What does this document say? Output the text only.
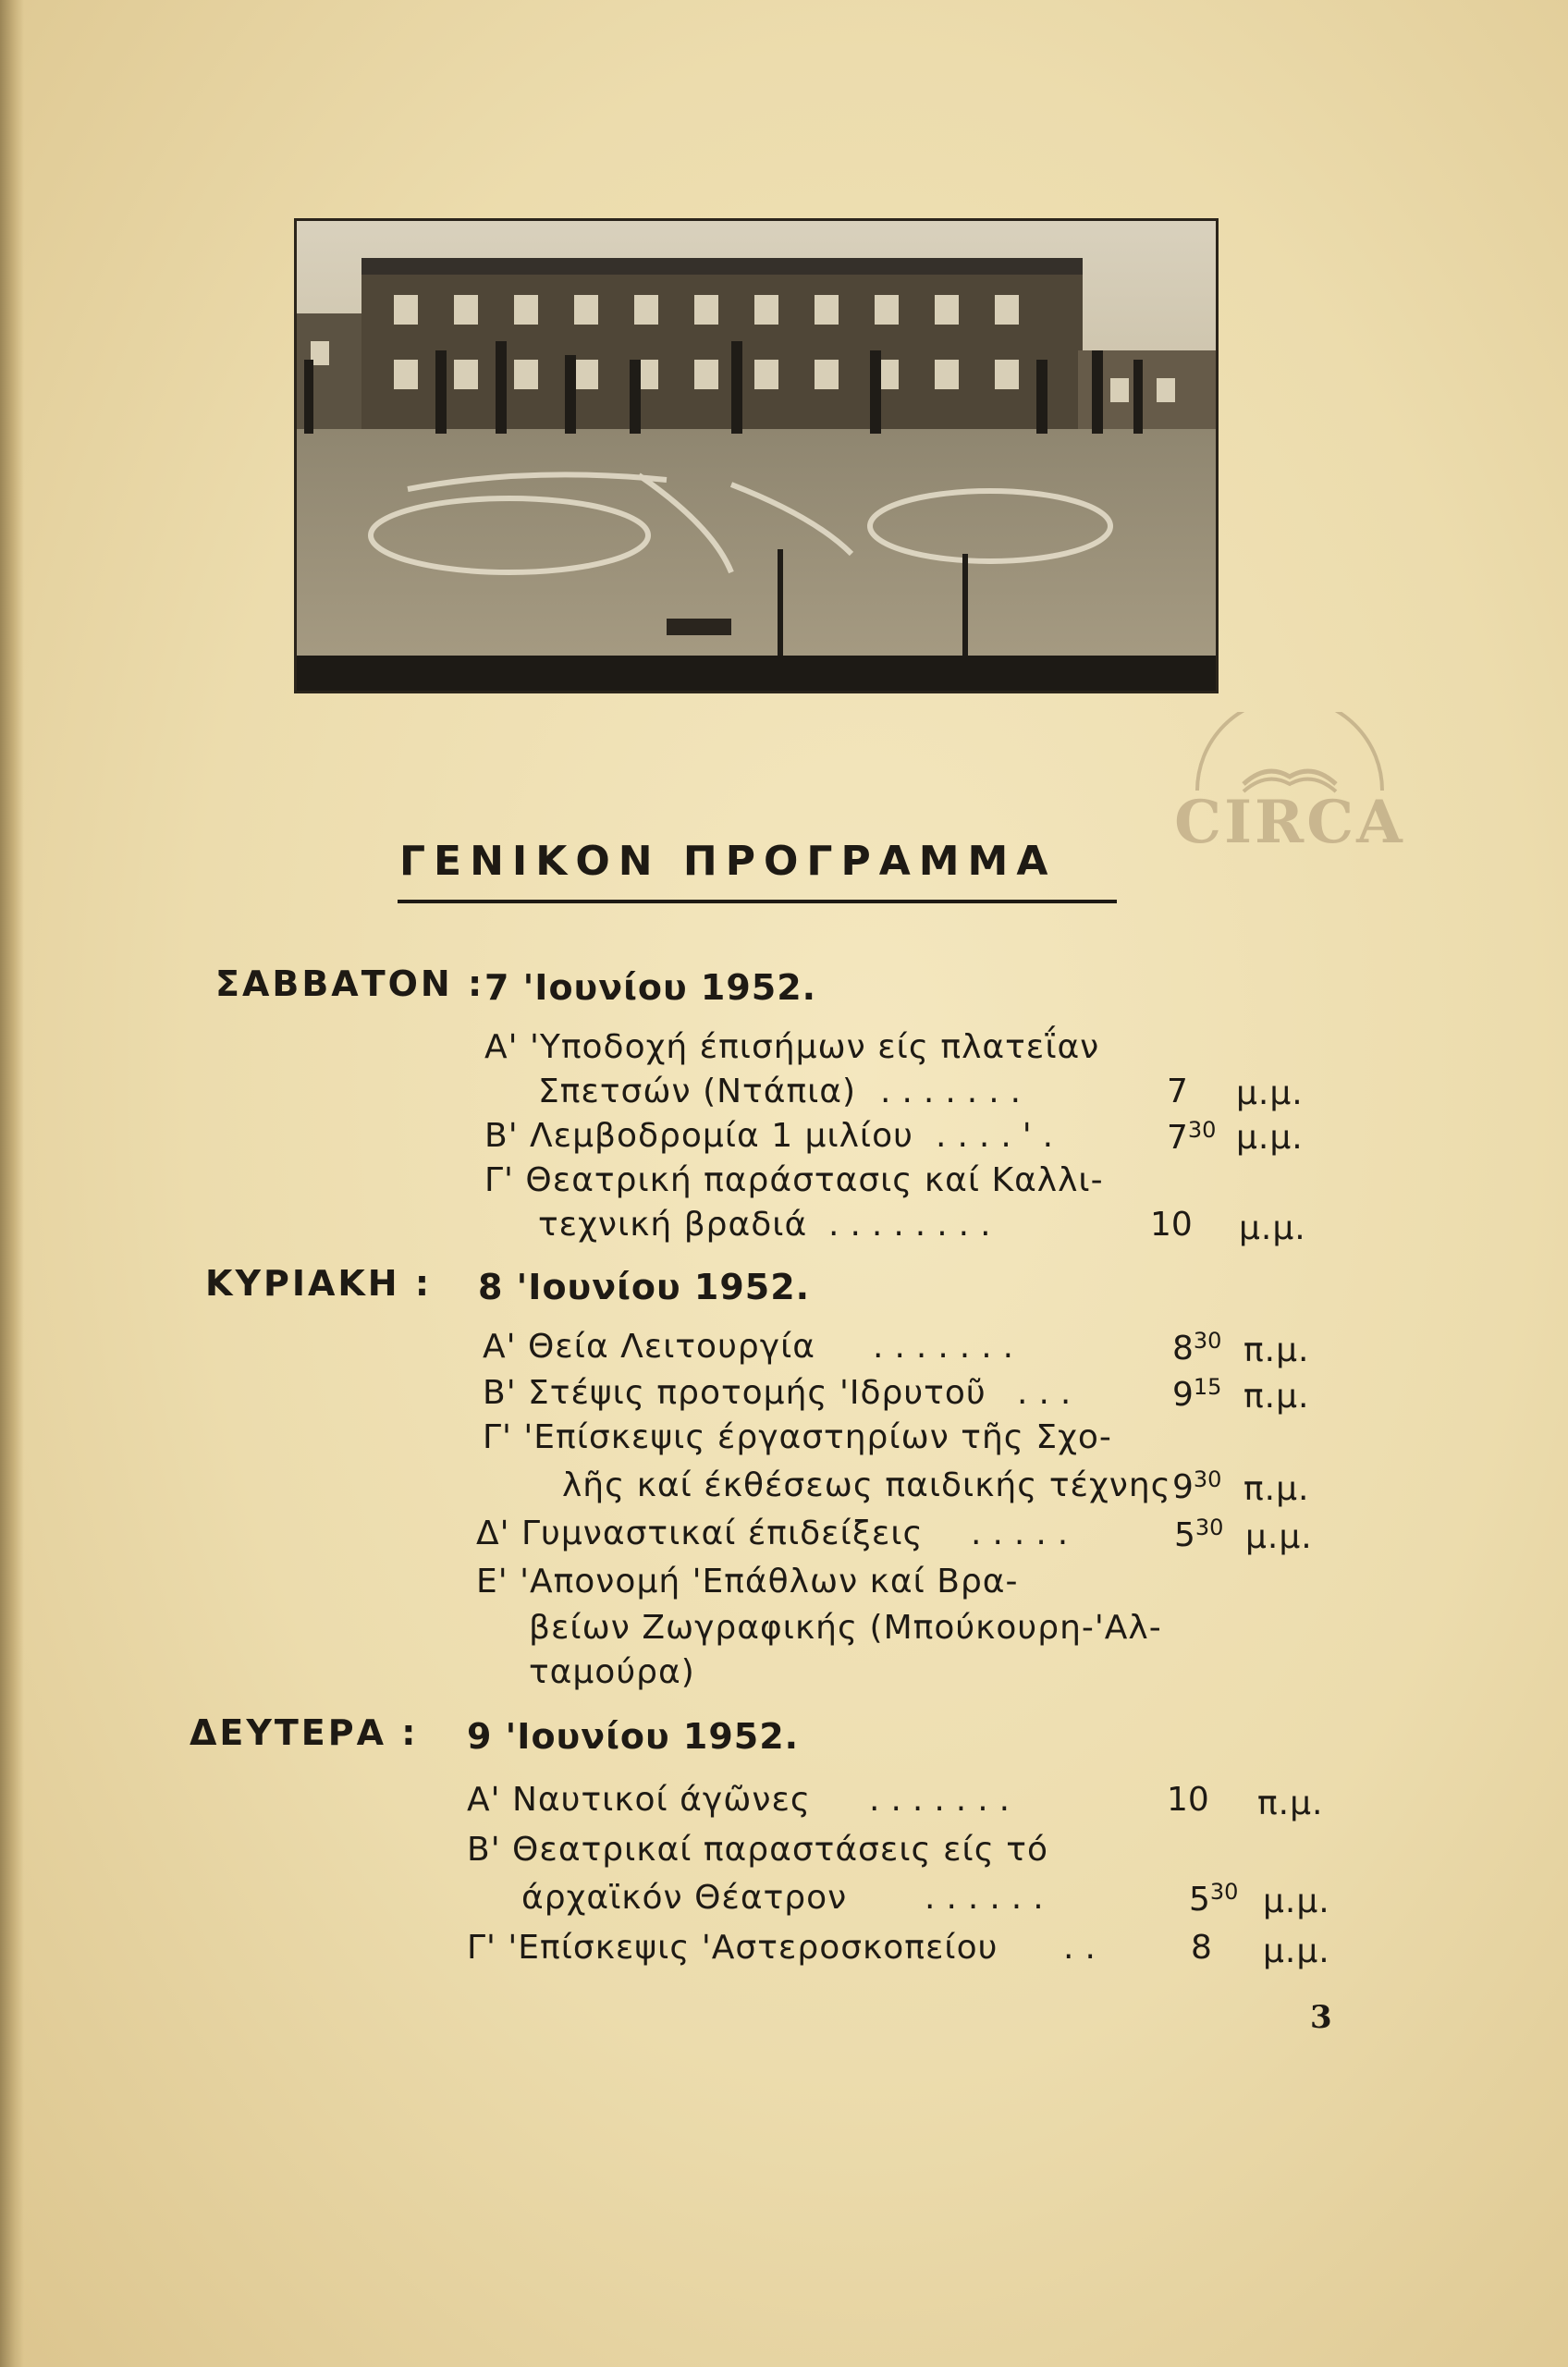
CIRCA
ΓΕΝΙΚΟΝ ΠΡΟΓΡΑΜΜΑ
ΣΑΒΒΑΤΟΝ : 7 'Ιουνίου 1952.
Α' 'Υποδοχή έπισήμων είς πλατεΐαν
Σπετσών (Ντάπια) .......	7 μ.μ.
Β' Λεμβοδρομία 1 μιλίου ....'.	$7^{30}$ μ.μ.
Γ' Θεατρική παράστασις καί Καλλι-
τεχνική βραδιά ........	10 μ.μ.
ΚΥΡΙΑΚΗ : 8 'Ιουνίου 1952.
Α' Θεία Λειτουργία .......	$8^{30}$ π.μ.
Β' Στέψις προτομής 'Ιδρυτοῦ ...	$9^{15}$ π.μ.
Γ' 'Επίσκεψις έργαστηρίων τῆς Σχο-
λῆς καί έκθέσεως παιδικής τέχνης $9^{30}$ π.μ.
Δ' Γυμναστικαί έπιδείξεις .....	$5^{30}$ μ.μ.
Ε' 'Απονομή 'Επάθλων καί Βρα-
βείων Ζωγραφικής (Μπούκουρη-'Αλ-
ταμούρα)
ΔΕΥΤΕΡΑ : 9 'Ιουνίου 1952.
Α' Ναυτικοί άγῶνες .......	10 π.μ.
Β' Θεατρικαί παραστάσεις είς τό
άρχαϊκόν Θέατρον ......	$5^{30}$ μ.μ.
Γ' 'Επίσκεψις 'Αστεροσκοπείου ..	8 μ.μ.
3
